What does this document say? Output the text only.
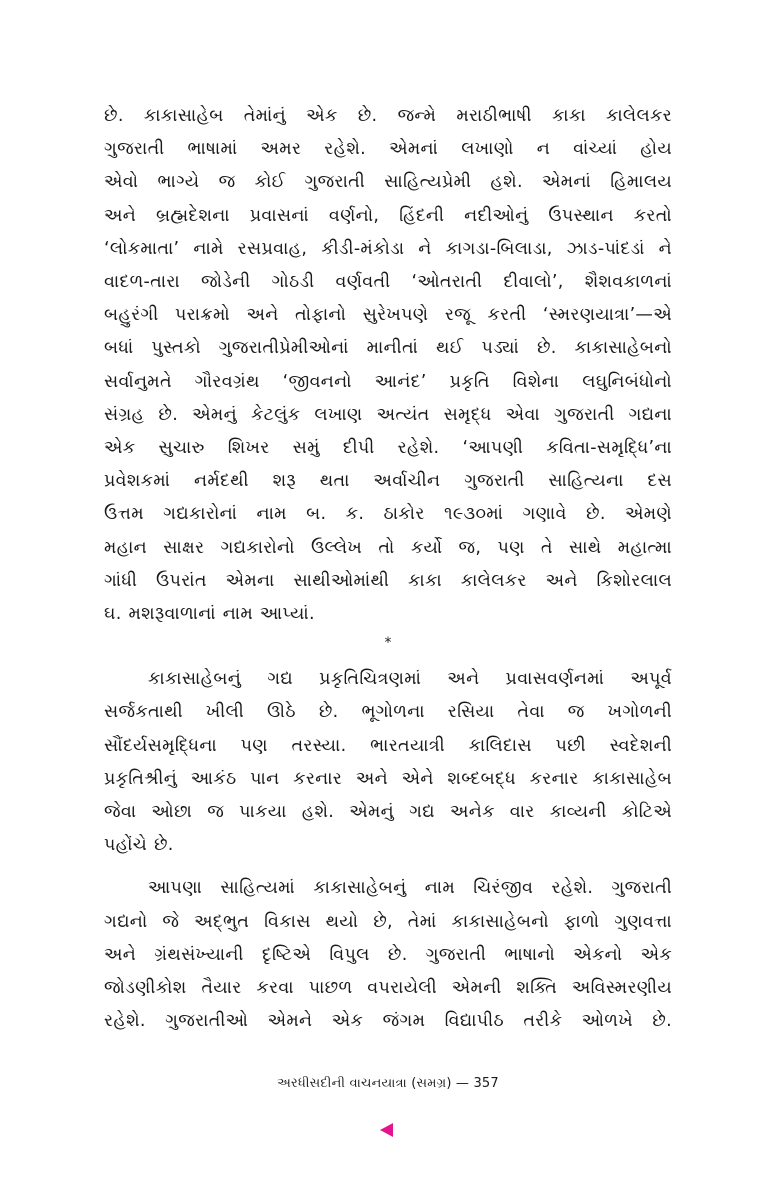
છે. કાકાસાહેબ તેમાંનું એક છે. જન્મે મરાઠીભાષી કાકા કાલેલકર

ગુજરાતી ભાષામાં અમર રહેશે. એમનાં લખાણો ન વાંચ્યાં હોય

એવો ભાગ્યે જ કોઈ ગુજરાતી સાહિત્યપ્રેમી હશે. એમનાં હિમાલય

અને બ્રહ્મદેશના પ્રવાસનાં વર્ણનો, હિંદની નદીઓનું ઉપસ્થાન કરતો

‘લોકમાતા’ નામે રસપ્રવાહ, કીડી-મંકોડા ને કાગડા-બિલાડા, ઝાડ-પાંદડાં ને

વાદળ-તારા જોડેની ગોઠડી વર્ણવતી ‘ઓતરાતી દીવાલો’, શૈશવકાળનાં

બહુરંગી પરાક્રમો અને તોફાનો સુરેખપણે રજૂ કરતી ‘સ્મરણયાત્રા’—એ

બધાં પુસ્તકો ગુજરાતીપ્રેમીઓનાં માનીતાં થઈ પડ્યાં છે. કાકાસાહેબનો

સર્વાનુમતે ગૌરવગ્રંથ ‘જીવનનો આનંદ’ પ્રકૃતિ વિશેના લઘુનિબંધોનો

સંગ્રહ છે. એમનું કેટલુંક લખાણ અત્યંત સમૃદ્ધ એવા ગુજરાતી ગદ્યના

એક સુચારુ શિખર સમું દીપી રહેશે. ‘આપણી કવિતા-સમૃદ્ધિ’ના

પ્રવેશકમાં નર્મદથી શરૂ થતા અર્વાચીન ગુજરાતી સાહિત્યના દસ

ઉત્તમ ગદ્યકારોનાં નામ બ. ક. ઠાકોર ૧૯૩૦માં ગણાવે છે. એમણે

મહાન સાક્ષર ગદ્યકારોનો ઉલ્લેખ તો કર્યો જ, પણ તે સાથે મહાત્મા

ગાંધી ઉપરાંત એમના સાથીઓમાંથી કાકા કાલેલકર અને કિશોરલાલ

ઘ. મશરૂવાળાનાં નામ આપ્યાં.

*

કાકાસાહેબનું ગદ્ય પ્રકૃતિચિત્રણમાં અને પ્રવાસવર્ણનમાં અપૂર્વ

સર્જકતાથી ખીલી ઊઠે છે. ભૂગોળના રસિયા તેવા જ ખગોળની

સૌંદર્યસમૃદ્ધિના પણ તરસ્યા. ભારતયાત્રી કાલિદાસ પછી સ્વદેશની

પ્રકૃતિશ્રીનું આકંઠ પાન કરનાર અને એને શબ્દબદ્ધ કરનાર કાકાસાહેબ

જેવા ઓછા જ પાકયા હશે. એમનું ગદ્ય અનેક વાર કાવ્યની કોટિએ

પહોંચે છે.

આપણા સાહિત્યમાં કાકાસાહેબનું નામ ચિરંજીવ રહેશે. ગુજરાતી

ગદ્યનો જે અદ્ભુત વિકાસ થયો છે, તેમાં કાકાસાહેબનો ફાળો ગુણવત્તા

અને ગ્રંથસંખ્યાની દૃષ્ટિએ વિપુલ છે. ગુજરાતી ભાષાનો એકનો એક

જોડણીકોશ તૈયાર કરવા પાછળ વપરાયેલી એમની શક્તિ અવિસ્મરણીય

રહેશે. ગુજરાતીઓ એમને એક જંગમ વિદ્યાપીઠ તરીકે ઓળખે છે.

અરધીસદીની વાચનયાત્રા (સમગ્ર) — 357
